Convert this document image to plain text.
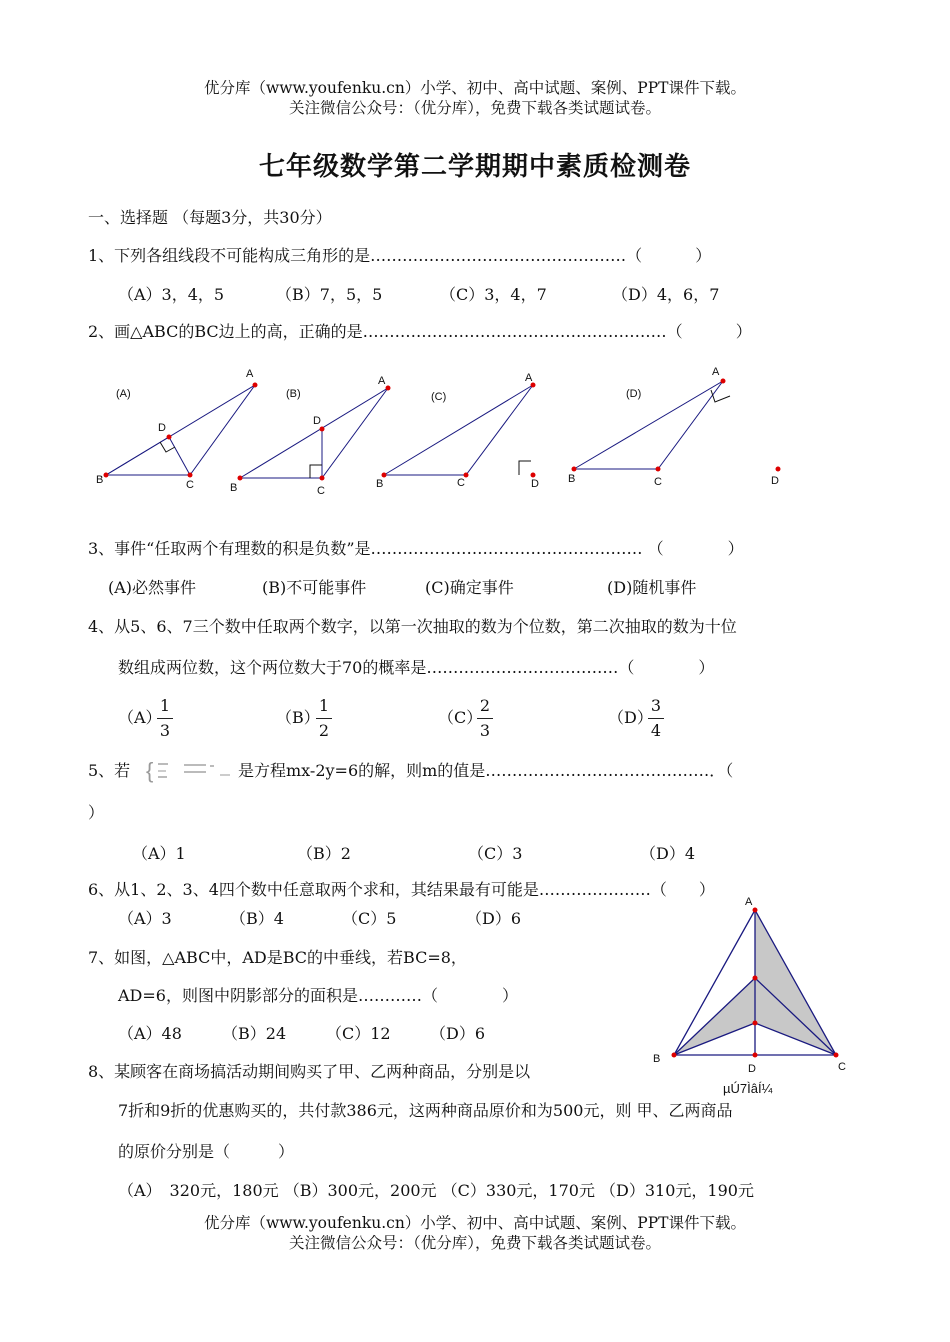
优分库（www.youfenku.cn）小学、初中、高中试题、案例、PPT课件下载。
关注微信公众号：（优分库），免费下载各类试题试卷。
七年级数学第二学期期中素质检测卷
一、选择题 （每题3分，共30分）
1、下列各组线段不可能构成三角形的是…………………………………………（　　　 ）
（A）3，4，5	（B）7，5，5	（C）3，4，7	（D）4，6，7
2、画△ABC的BC边上的高，正确的是…………………………………………………（　　　 ）
(A)
A
B	C
D
(B)
A
B	C
D
(C)
A
B	C	D
(D)
A
B	C	D
3、事件“任取两个有理数的积是负数”是…………………………………………… （　　　　）
(A)必然事件	(B)不可能事件	(C)确定事件	(D)随机事件
4、从5、6、7三个数中任取两个数字，以第一次抽取的数为个位数，第二次抽取的数为十位
数组成两位数，这个两位数大于70的概率是………………………………（　　　　）
（A）
1
3
（B）
1
2
（C）
2
3
（D）
3
4
5、若 {	是方程mx-2y=6的解，则m的值是……………………………………．（
）
（A）1	（B）2	（C）3	（D）4
6、从1、2、3、4四个数中任意取两个求和，其结果最有可能是…………………（　　）
（A）3	（B）4	（C）5	（D）6
7、如图，△ABC中，AD是BC的中垂线，若BC=8，
AD=6，则图中阴影部分的面积是…………（　　　　）
（A）48	（B）24 （C）12 （D）6
A
B
C
D
µÚ7ÌâÍ¼
8、某顾客在商场搞活动期间购买了甲、乙两种商品，分别是以
7折和9折的优惠购买的，共付款386元，这两种商品原价和为500元，则 甲、乙两商品
的原价分别是（　　　）
（A）　320元，180元 （B）300元，200元 （C）330元，170元 （D）310元，190元
优分库（www.youfenku.cn）小学、初中、高中试题、案例、PPT课件下载。
关注微信公众号：（优分库），免费下载各类试题试卷。
